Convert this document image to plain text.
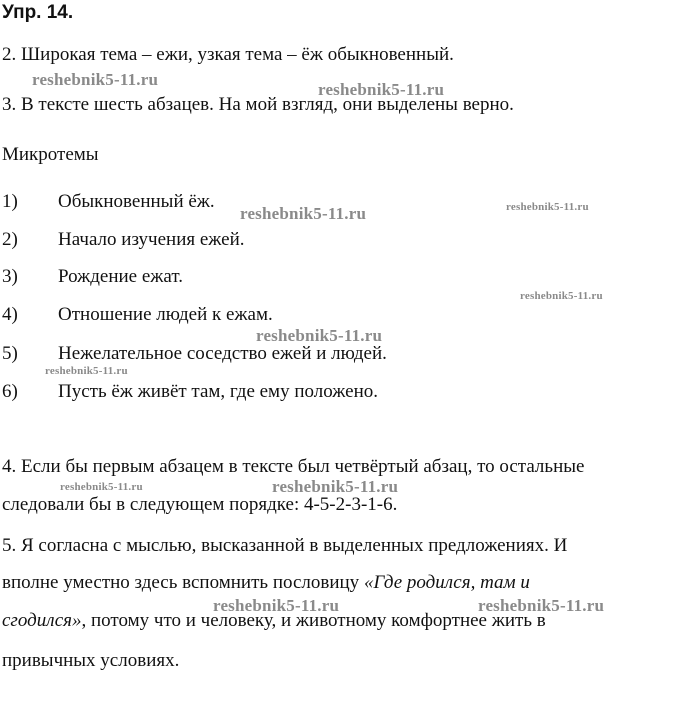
Упр. 14.
2. Широкая тема – ежи, узкая тема – ёж обыкновенный.
3. В тексте шесть абзацев. На мой взгляд, они выделены верно.
Микротемы
1) Обыкновенный ёж.
2) Начало изучения ежей.
3) Рождение ежат.
4) Отношение людей к ежам.
5) Нежелательное соседство ежей и людей.
6) Пусть ёж живёт там, где ему положено.
4. Если бы первым абзацем в тексте был четвёртый абзац, то остальные
следовали бы в следующем порядке: 4-5-2-3-1-6.
5. Я согласна с мыслью, высказанной в выделенных предложениях. И
вполне уместно здесь вспомнить пословицу «Где родился, там и
сгодился», потому что и человеку, и животному комфортнее жить в
привычных условиях.
reshebnik5-11.ru
reshebnik5-11.ru
reshebnik5-11.ru	reshebnik5-11.ru
reshebnik5-11.ru
reshebnik5-11.ru
reshebnik5-11.ru
reshebnik5-11.ru	reshebnik5-11.ru
reshebnik5-11.ru	reshebnik5-11.ru
